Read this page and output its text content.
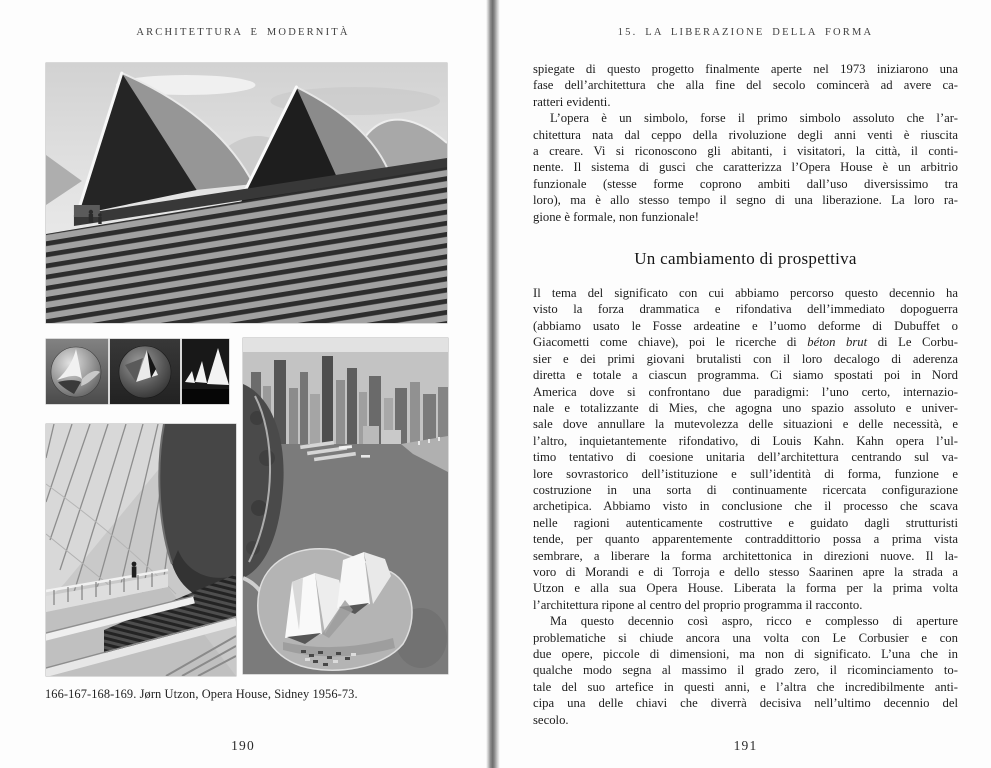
ARCHITETTURA E MODERNITÀ
166-167-168-169. Jørn Utzon, Opera House, Sidney 1956-73.
190
15. LA LIBERAZIONE DELLA FORMA
spiegate di questo progetto finalmente aperte nel 1973 iniziarono una
fase dell’architettura che alla fine del secolo comincerà ad avere ca-
ratteri evidenti.
L’opera è un simbolo, forse il primo simbolo assoluto che l’ar-
chitettura nata dal ceppo della rivoluzione degli anni venti è riuscita
a creare. Vi si riconoscono gli abitanti, i visitatori, la città, il conti-
nente. Il sistema di gusci che caratterizza l’Opera House è un arbitrio
funzionale (stesse forme coprono ambiti dall’uso diversissimo tra
loro), ma è allo stesso tempo il segno di una liberazione. La loro ra-
gione è formale, non funzionale!
Un cambiamento di prospettiva
Il tema del significato con cui abbiamo percorso questo decennio ha
visto la forza drammatica e rifondativa dell’immediato dopoguerra
(abbiamo usato le Fosse ardeatine e l’uomo deforme di Dubuffet o
Giacometti come chiave), poi le ricerche di béton brut di Le Corbu-
sier e dei primi giovani brutalisti con il loro decalogo di aderenza
diretta e totale a ciascun programma. Ci siamo spostati poi in Nord
America dove si confrontano due paradigmi: l’uno certo, internazio-
nale e totalizzante di Mies, che agogna uno spazio assoluto e univer-
sale dove annullare la mutevolezza delle situazioni e delle necessità, e
l’altro, inquietantemente rifondativo, di Louis Kahn. Kahn opera l’ul-
timo tentativo di coesione unitaria dell’architettura centrando sul va-
lore sovrastorico dell’istituzione e sull’identità di forma, funzione e
costruzione in una sorta di continuamente ricercata configurazione
archetipica. Abbiamo visto in conclusione che il processo che scava
nelle ragioni autenticamente costruttive e guidato dagli strutturisti
tende, per quanto apparentemente contraddittorio possa a prima vista
sembrare, a liberare la forma architettonica in direzioni nuove. Il la-
voro di Morandi e di Torroja e dello stesso Saarinen apre la strada a
Utzon e alla sua Opera House. Liberata la forma per la prima volta
l’architettura ripone al centro del proprio programma il racconto.
Ma questo decennio così aspro, ricco e complesso di aperture
problematiche si chiude ancora una volta con Le Corbusier e con
due opere, piccole di dimensioni, ma non di significato. L’una che in
qualche modo segna al massimo il grado zero, il ricominciamento to-
tale del suo artefice in questi anni, e l’altra che incredibilmente anti-
cipa una delle chiavi che diverrà decisiva nell’ultimo decennio del
secolo.
191
